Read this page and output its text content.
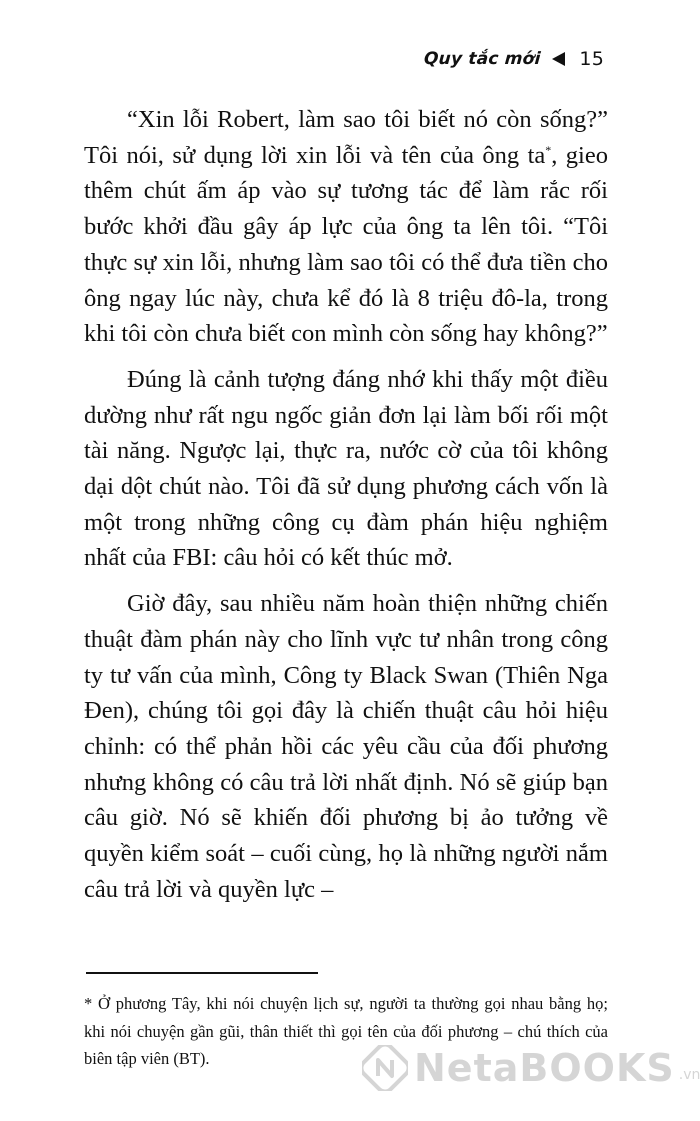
Quy tắc mới 15

“Xin lỗi Robert, làm sao tôi biết nó còn sống?” Tôi nói, sử dụng lời xin lỗi và tên của ông ta*, gieo thêm chút ấm áp vào sự tương tác để làm rắc rối bước khởi đầu gây áp lực của ông ta lên tôi. “Tôi thực sự xin lỗi, nhưng làm sao tôi có thể đưa tiền cho ông ngay lúc này, chưa kể đó là 8 triệu đô-la, trong khi tôi còn chưa biết con mình còn sống hay không?”

Đúng là cảnh tượng đáng nhớ khi thấy một điều dường như rất ngu ngốc giản đơn lại làm bối rối một tài năng. Ngược lại, thực ra, nước cờ của tôi không dại dột chút nào. Tôi đã sử dụng phương cách vốn là một trong những công cụ đàm phán hiệu nghiệm nhất của FBI: câu hỏi có kết thúc mở.

Giờ đây, sau nhiều năm hoàn thiện những chiến thuật đàm phán này cho lĩnh vực tư nhân trong công ty tư vấn của mình, Công ty Black Swan (Thiên Nga Đen), chúng tôi gọi đây là chiến thuật câu hỏi hiệu chỉnh: có thể phản hồi các yêu cầu của đối phương nhưng không có câu trả lời nhất định. Nó sẽ giúp bạn câu giờ. Nó sẽ khiến đối phương bị ảo tưởng về quyền kiểm soát – cuối cùng, họ là những người nắm câu trả lời và quyền lực –

* Ở phương Tây, khi nói chuyện lịch sự, người ta thường gọi nhau bằng họ; khi nói chuyện gần gũi, thân thiết thì gọi tên của đối phương – chú thích của biên tập viên (BT).	NetaBOOKS .vn
